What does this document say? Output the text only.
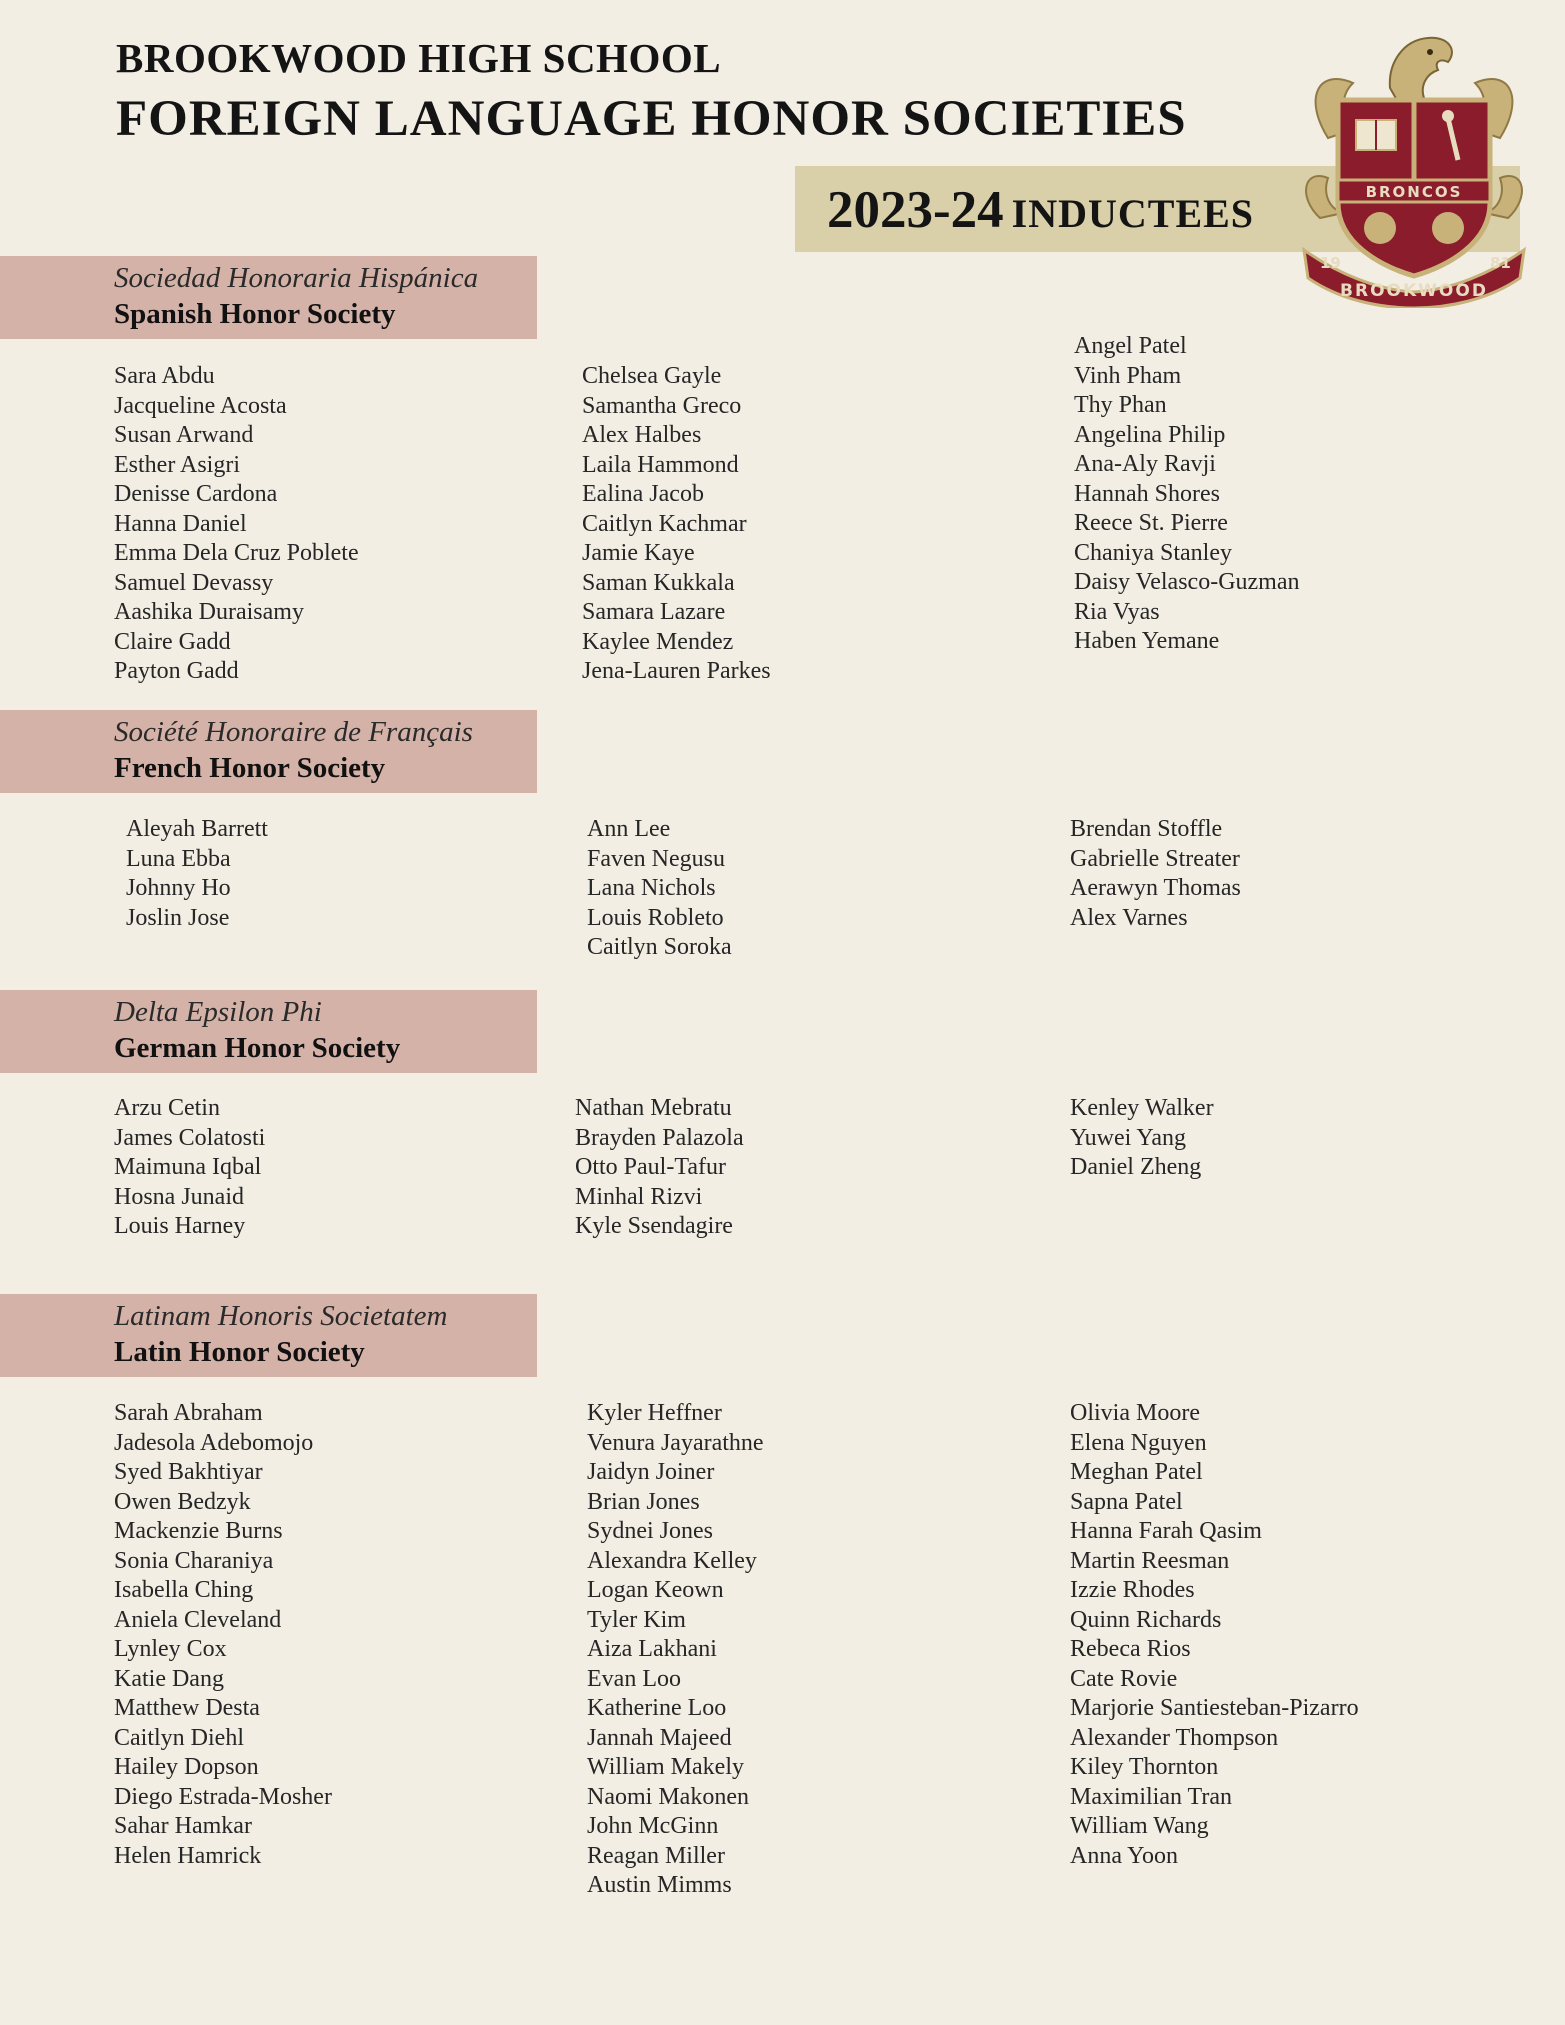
BROOKWOOD HIGH SCHOOL
FOREIGN LANGUAGE HONOR SOCIETIES
2023-24 INDUCTEES	BRONCOS
19	81
BROOKWOOD
Sociedad Honoraria Hispánica
Spanish Honor Society
Sara Abdu
Jacqueline Acosta
Susan Arwand
Esther Asigri
Denisse Cardona
Hanna Daniel
Emma Dela Cruz Poblete
Samuel Devassy
Aashika Duraisamy
Claire Gadd
Payton Gadd
Chelsea Gayle
Samantha Greco
Alex Halbes
Laila Hammond
Ealina Jacob
Caitlyn Kachmar
Jamie Kaye
Saman Kukkala
Samara Lazare
Kaylee Mendez
Jena-Lauren Parkes
Angel Patel
Vinh Pham
Thy Phan
Angelina Philip
Ana-Aly Ravji
Hannah Shores
Reece St. Pierre
Chaniya Stanley
Daisy Velasco-Guzman
Ria Vyas
Haben Yemane
Société Honoraire de Français
French Honor Society
Aleyah Barrett
Luna Ebba
Johnny Ho
Joslin Jose
Ann Lee
Faven Negusu
Lana Nichols
Louis Robleto
Caitlyn Soroka
Brendan Stoffle
Gabrielle Streater
Aerawyn Thomas
Alex Varnes
Delta Epsilon Phi
German Honor Society
Arzu Cetin
James Colatosti
Maimuna Iqbal
Hosna Junaid
Louis Harney
Nathan Mebratu
Brayden Palazola
Otto Paul-Tafur
Minhal Rizvi
Kyle Ssendagire
Kenley Walker
Yuwei Yang
Daniel Zheng
Latinam Honoris Societatem
Latin Honor Society
Sarah Abraham
Jadesola Adebomojo
Syed Bakhtiyar
Owen Bedzyk
Mackenzie Burns
Sonia Charaniya
Isabella Ching
Aniela Cleveland
Lynley Cox
Katie Dang
Matthew Desta
Caitlyn Diehl
Hailey Dopson
Diego Estrada-Mosher
Sahar Hamkar
Helen Hamrick
Kyler Heffner
Venura Jayarathne
Jaidyn Joiner
Brian Jones
Sydnei Jones
Alexandra Kelley
Logan Keown
Tyler Kim
Aiza Lakhani
Evan Loo
Katherine Loo
Jannah Majeed
William Makely
Naomi Makonen
John McGinn
Reagan Miller
Austin Mimms
Olivia Moore
Elena Nguyen
Meghan Patel
Sapna Patel
Hanna Farah Qasim
Martin Reesman
Izzie Rhodes
Quinn Richards
Rebeca Rios
Cate Rovie
Marjorie Santiesteban-Pizarro
Alexander Thompson
Kiley Thornton
Maximilian Tran
William Wang
Anna Yoon
